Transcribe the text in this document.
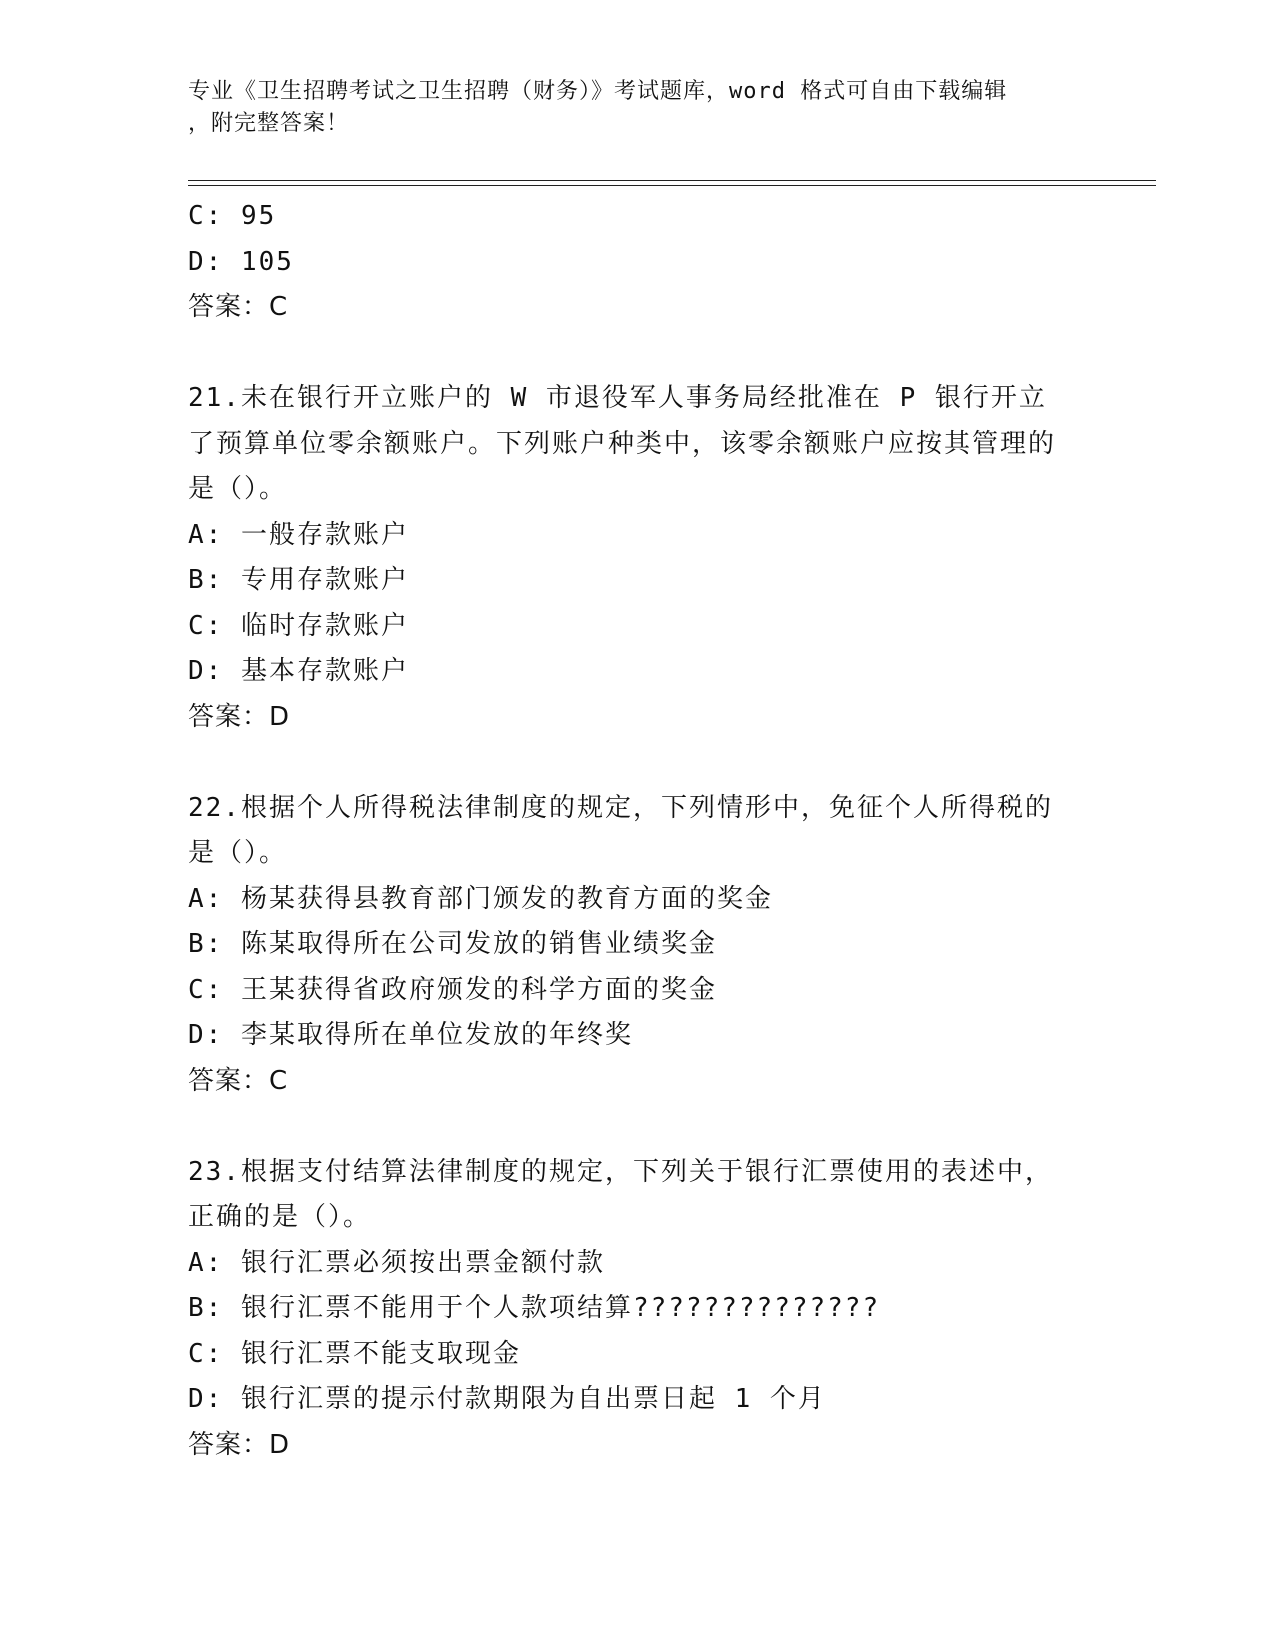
专业《卫生招聘考试之卫生招聘（财务）》考试题库，word 格式可自由下载编辑
，附完整答案！
C: 95
D: 105
答案：C
21.未在银行开立账户的 W 市退役军人事务局经批准在 P 银行开立了预算单位零余额账户。下列账户种类中，该零余额账户应按其管理的是（）。
A: 一般存款账户
B: 专用存款账户
C: 临时存款账户
D: 基本存款账户
答案：D
22.根据个人所得税法律制度的规定，下列情形中，免征个人所得税的是（）。
A: 杨某获得县教育部门颁发的教育方面的奖金
B: 陈某取得所在公司发放的销售业绩奖金
C: 王某获得省政府颁发的科学方面的奖金
D: 李某取得所在单位发放的年终奖
答案：C
23.根据支付结算法律制度的规定，下列关于银行汇票使用的表述中，正确的是（）。
A: 银行汇票必须按出票金额付款
B: 银行汇票不能用于个人款项结算??????????????
C: 银行汇票不能支取现金
D: 银行汇票的提示付款期限为自出票日起 1 个月
答案：D
